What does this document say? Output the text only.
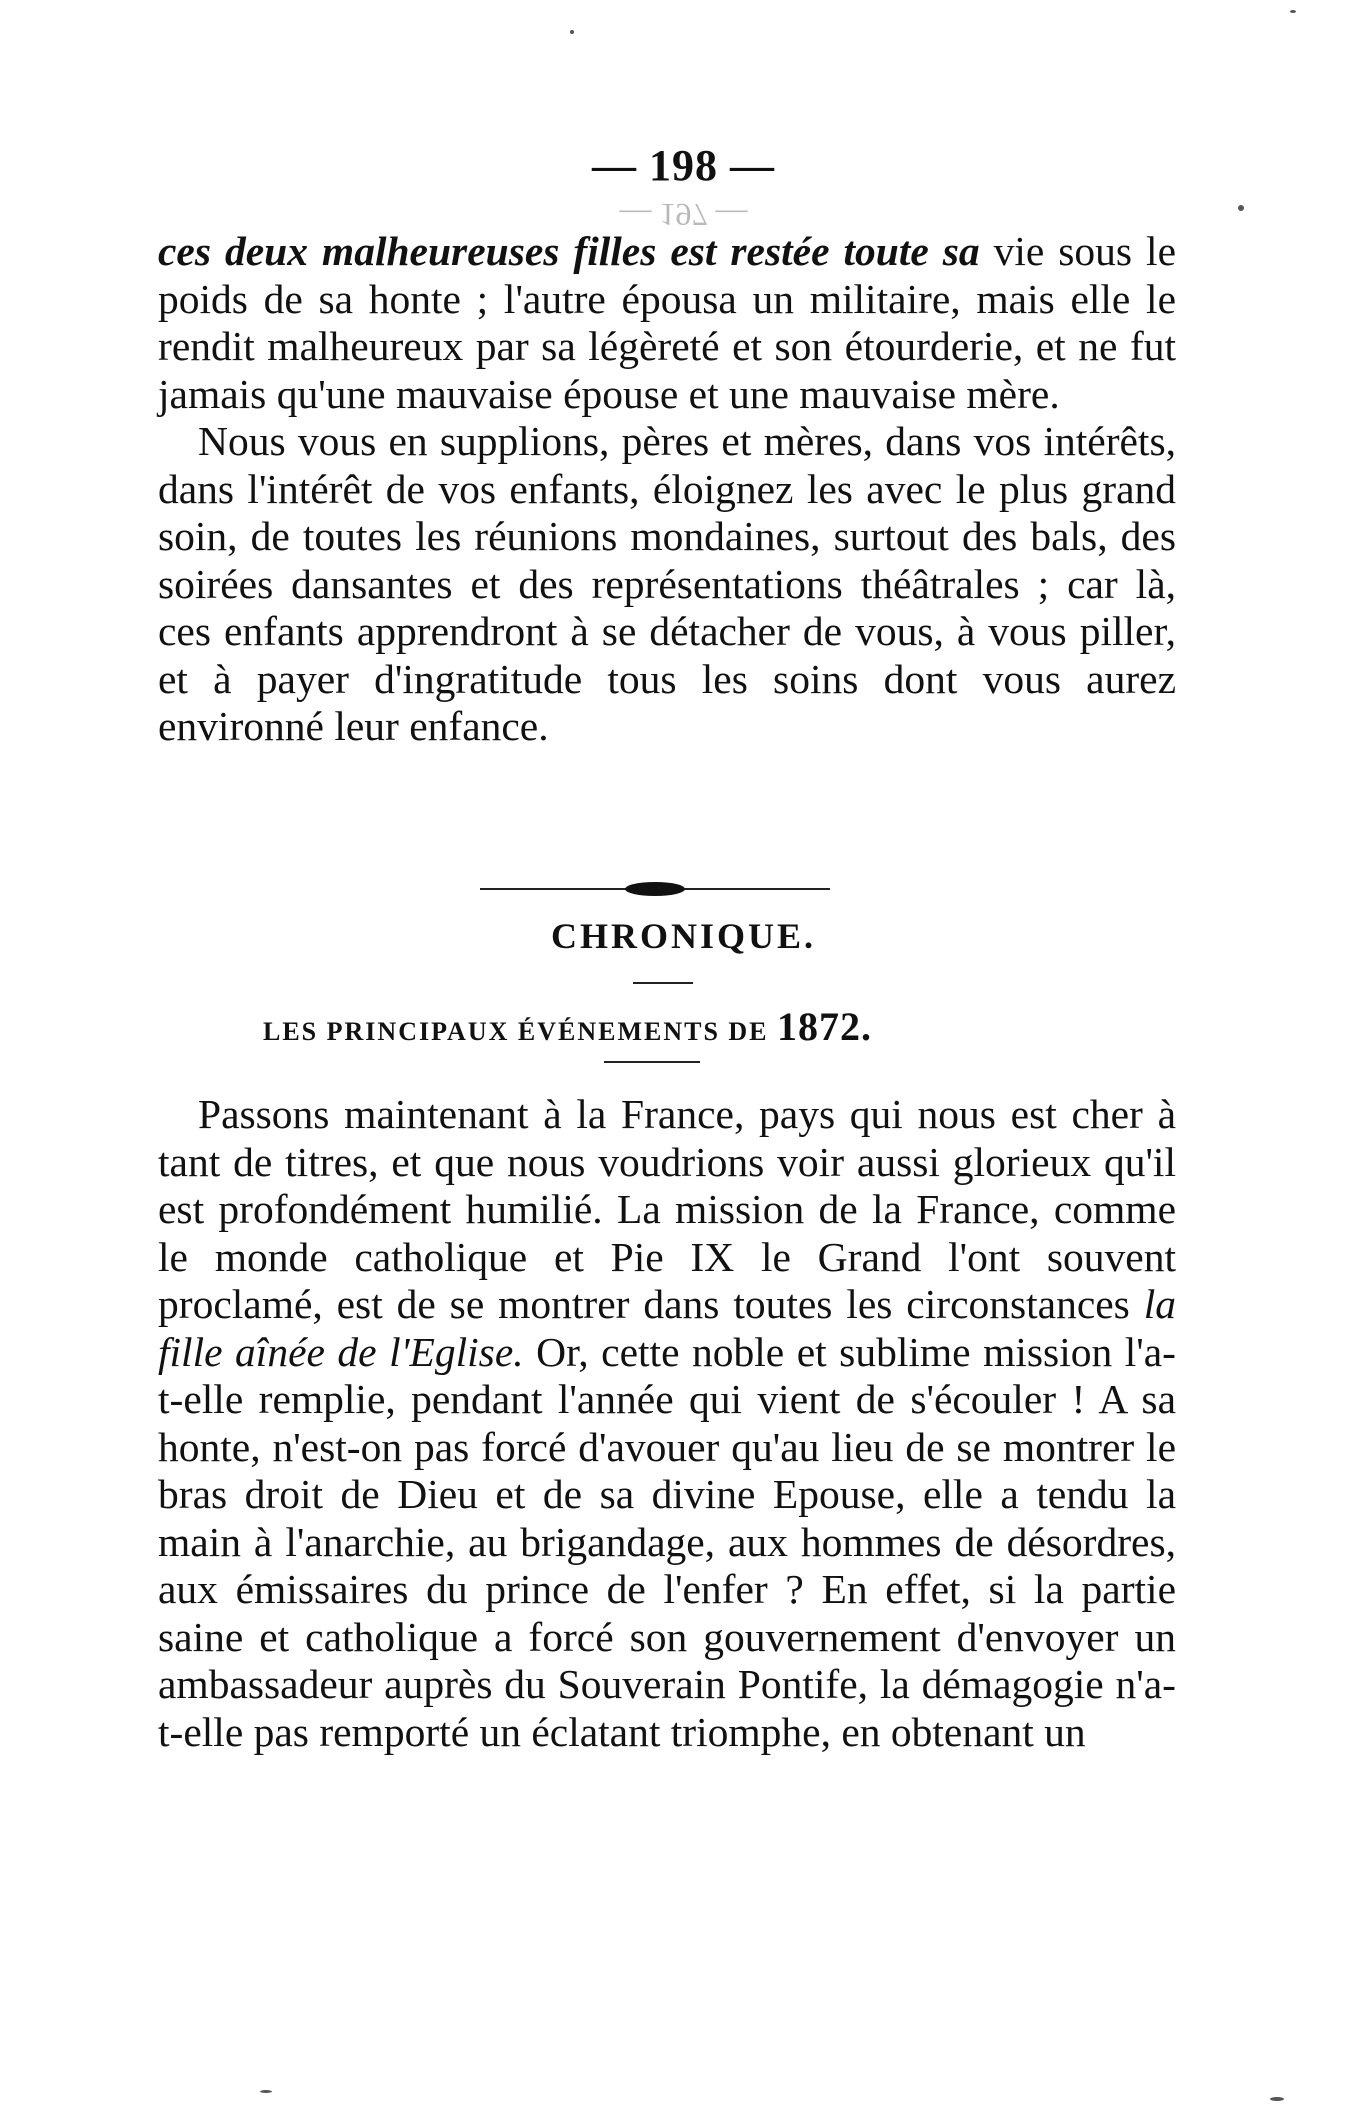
— 197 —
— 198 —

ces deux malheureuses filles est restée toute sa vie sous le poids de sa honte ; l'autre épousa un militaire, mais elle le rendit malheureux par sa légèreté et son étourderie, et ne fut jamais qu'une mauvaise épouse et une mauvaise mère.

Nous vous en supplions, pères et mères, dans vos intérêts, dans l'intérêt de vos enfants, éloignez les avec le plus grand soin, de toutes les réunions mondaines, surtout des bals, des soirées dansantes et des représentations théâtrales ; car là, ces enfants apprendront à se détacher de vous, à vous piller, et à payer d'ingratitude tous les soins dont vous aurez environné leur enfance.

CHRONIQUE.
LES PRINCIPAUX ÉVÉNEMENTS DE 1872.

Passons maintenant à la France, pays qui nous est cher à tant de titres, et que nous voudrions voir aussi glorieux qu'il est profondément humilié. La mission de la France, comme le monde catholique et Pie IX le Grand l'ont souvent proclamé, est de se montrer dans toutes les circonstances la fille aînée de l'Eglise. Or, cette noble et sublime mission l'a-t-elle remplie, pendant l'année qui vient de s'écouler ! A sa honte, n'est-on pas forcé d'avouer qu'au lieu de se montrer le bras droit de Dieu et de sa divine Epouse, elle a tendu la main à l'anarchie, au brigandage, aux hommes de désordres, aux émissaires du prince de l'enfer ? En effet, si la partie saine et catholique a forcé son gouvernement d'envoyer un ambassadeur auprès du Souverain Pontife, la démagogie n'a-t-elle pas remporté un éclatant triomphe, en obtenant un
